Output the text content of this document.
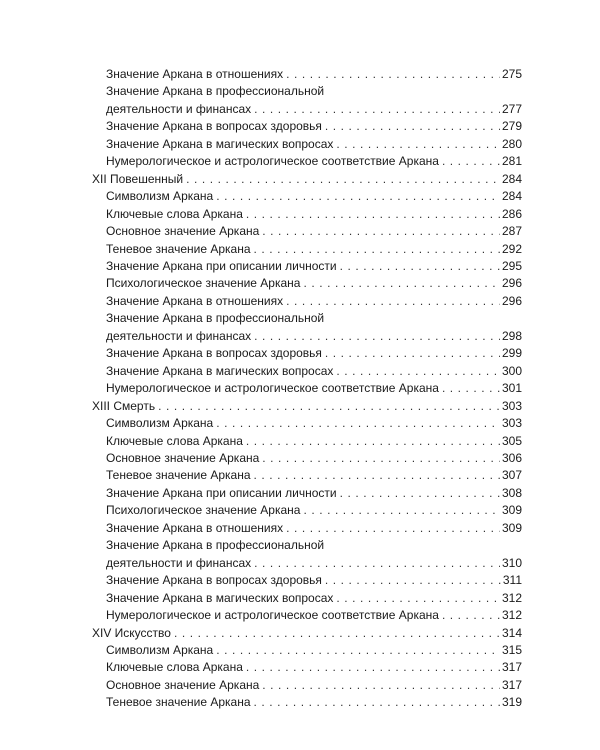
Значение Аркана в отношениях . . .	275
Значение Аркана в профессиональной
деятельности и финансах . . .	277
Значение Аркана в вопросах здоровья . . .	279
Значение Аркана в магических вопросах . . .	280
Нумерологическое и астрологическое соответствие Аркана . . .	281
XII Повешенный . . .	284
Символизм Аркана . . .	284
Ключевые слова Аркана . . .	286
Основное значение Аркана . . .	287
Теневое значение Аркана . . .	292
Значение Аркана при описании личности . . .	295
Психологическое значение Аркана . . .	296
Значение Аркана в отношениях . . .	296
Значение Аркана в профессиональной
деятельности и финансах . . .	298
Значение Аркана в вопросах здоровья . . .	299
Значение Аркана в магических вопросах . . .	300
Нумерологическое и астрологическое соответствие Аркана . . .	301
XIII Смерть . . .	303
Символизм Аркана . . .	303
Ключевые слова Аркана . . .	305
Основное значение Аркана . . .	306
Теневое значение Аркана . . .	307
Значение Аркана при описании личности . . .	308
Психологическое значение Аркана . . .	309
Значение Аркана в отношениях . . .	309
Значение Аркана в профессиональной
деятельности и финансах . . .	310
Значение Аркана в вопросах здоровья . . .	311
Значение Аркана в магических вопросах . . .	312
Нумерологическое и астрологическое соответствие Аркана . . .	312
XIV Искусство . . .	314
Символизм Аркана . . .	315
Ключевые слова Аркана . . .	317
Основное значение Аркана . . .	317
Теневое значение Аркана . . .	319
